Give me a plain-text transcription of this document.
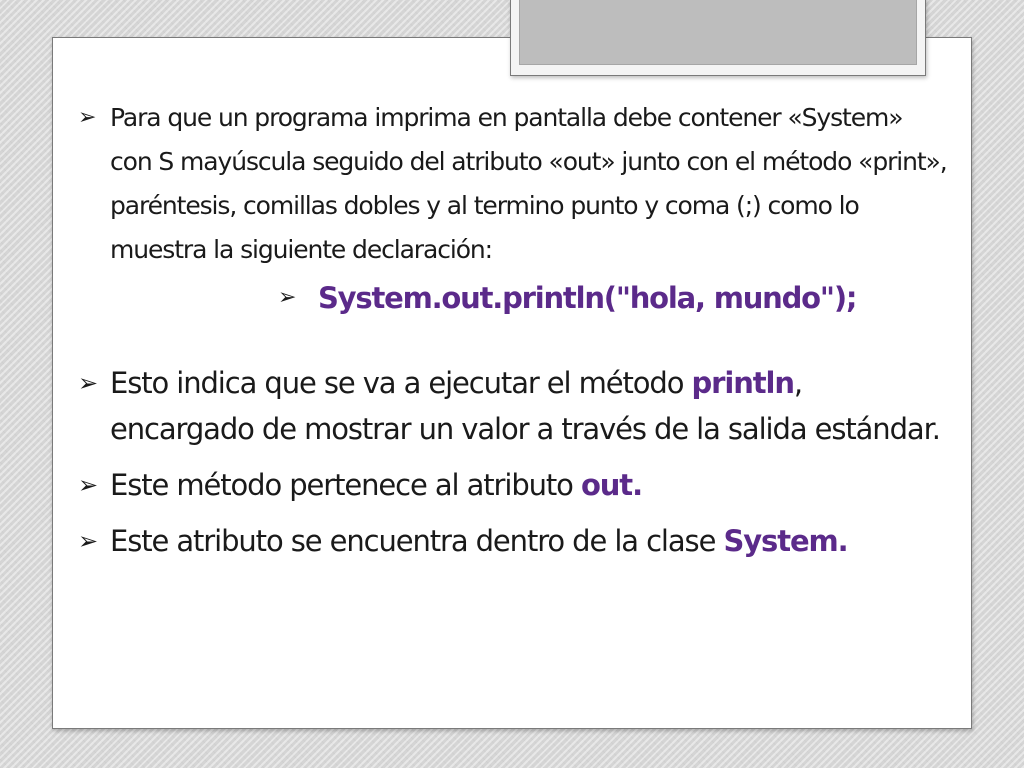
➢ Para que un programa imprima en pantalla debe contener «System» con S mayúscula seguido del atributo «out» junto con el método «print», paréntesis, comillas dobles y al termino punto y coma (;) como lo muestra la siguiente declaración:
➢ System.out.println("hola, mundo");
➢ Esto indica que se va a ejecutar el método println, encargado de mostrar un valor a través de la salida estándar.
➢ Este método pertenece al atributo out.
➢ Este atributo se encuentra dentro de la clase System.
